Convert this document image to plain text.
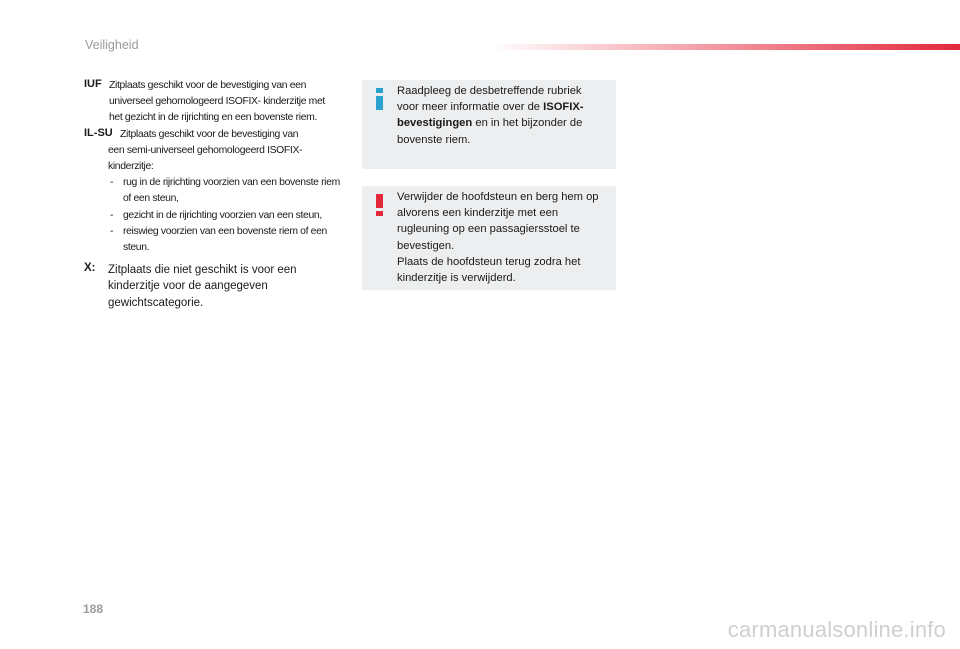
Veiligheid
IUF Zitplaats geschikt voor de bevestiging van een
universeel gehomologeerd ISOFIX- kinderzitje met
het gezicht in de rijrichting en een bovenste riem.
IL-SU Zitplaats geschikt voor de bevestiging van
een semi-universeel gehomologeerd ISOFIX-
kinderzitje:
- rug in de rijrichting voorzien van een bovenste riem of een steun,
- gezicht in de rijrichting voorzien van een steun,
- reiswieg voorzien van een bovenste riem of een steun.
X:	Zitplaats die niet geschikt is voor een kinderzitje voor de aangegeven gewichtscategorie.
Raadpleeg de desbetreffende rubriek voor meer informatie over de ISOFIX-bevestigingen en in het bijzonder de bovenste riem.
Verwijder de hoofdsteun en berg hem op alvorens een kinderzitje met een rugleuning op een passagiersstoel te bevestigen.
Plaats de hoofdsteun terug zodra het kinderzitje is verwijderd.
188
carmanualsonline.info
